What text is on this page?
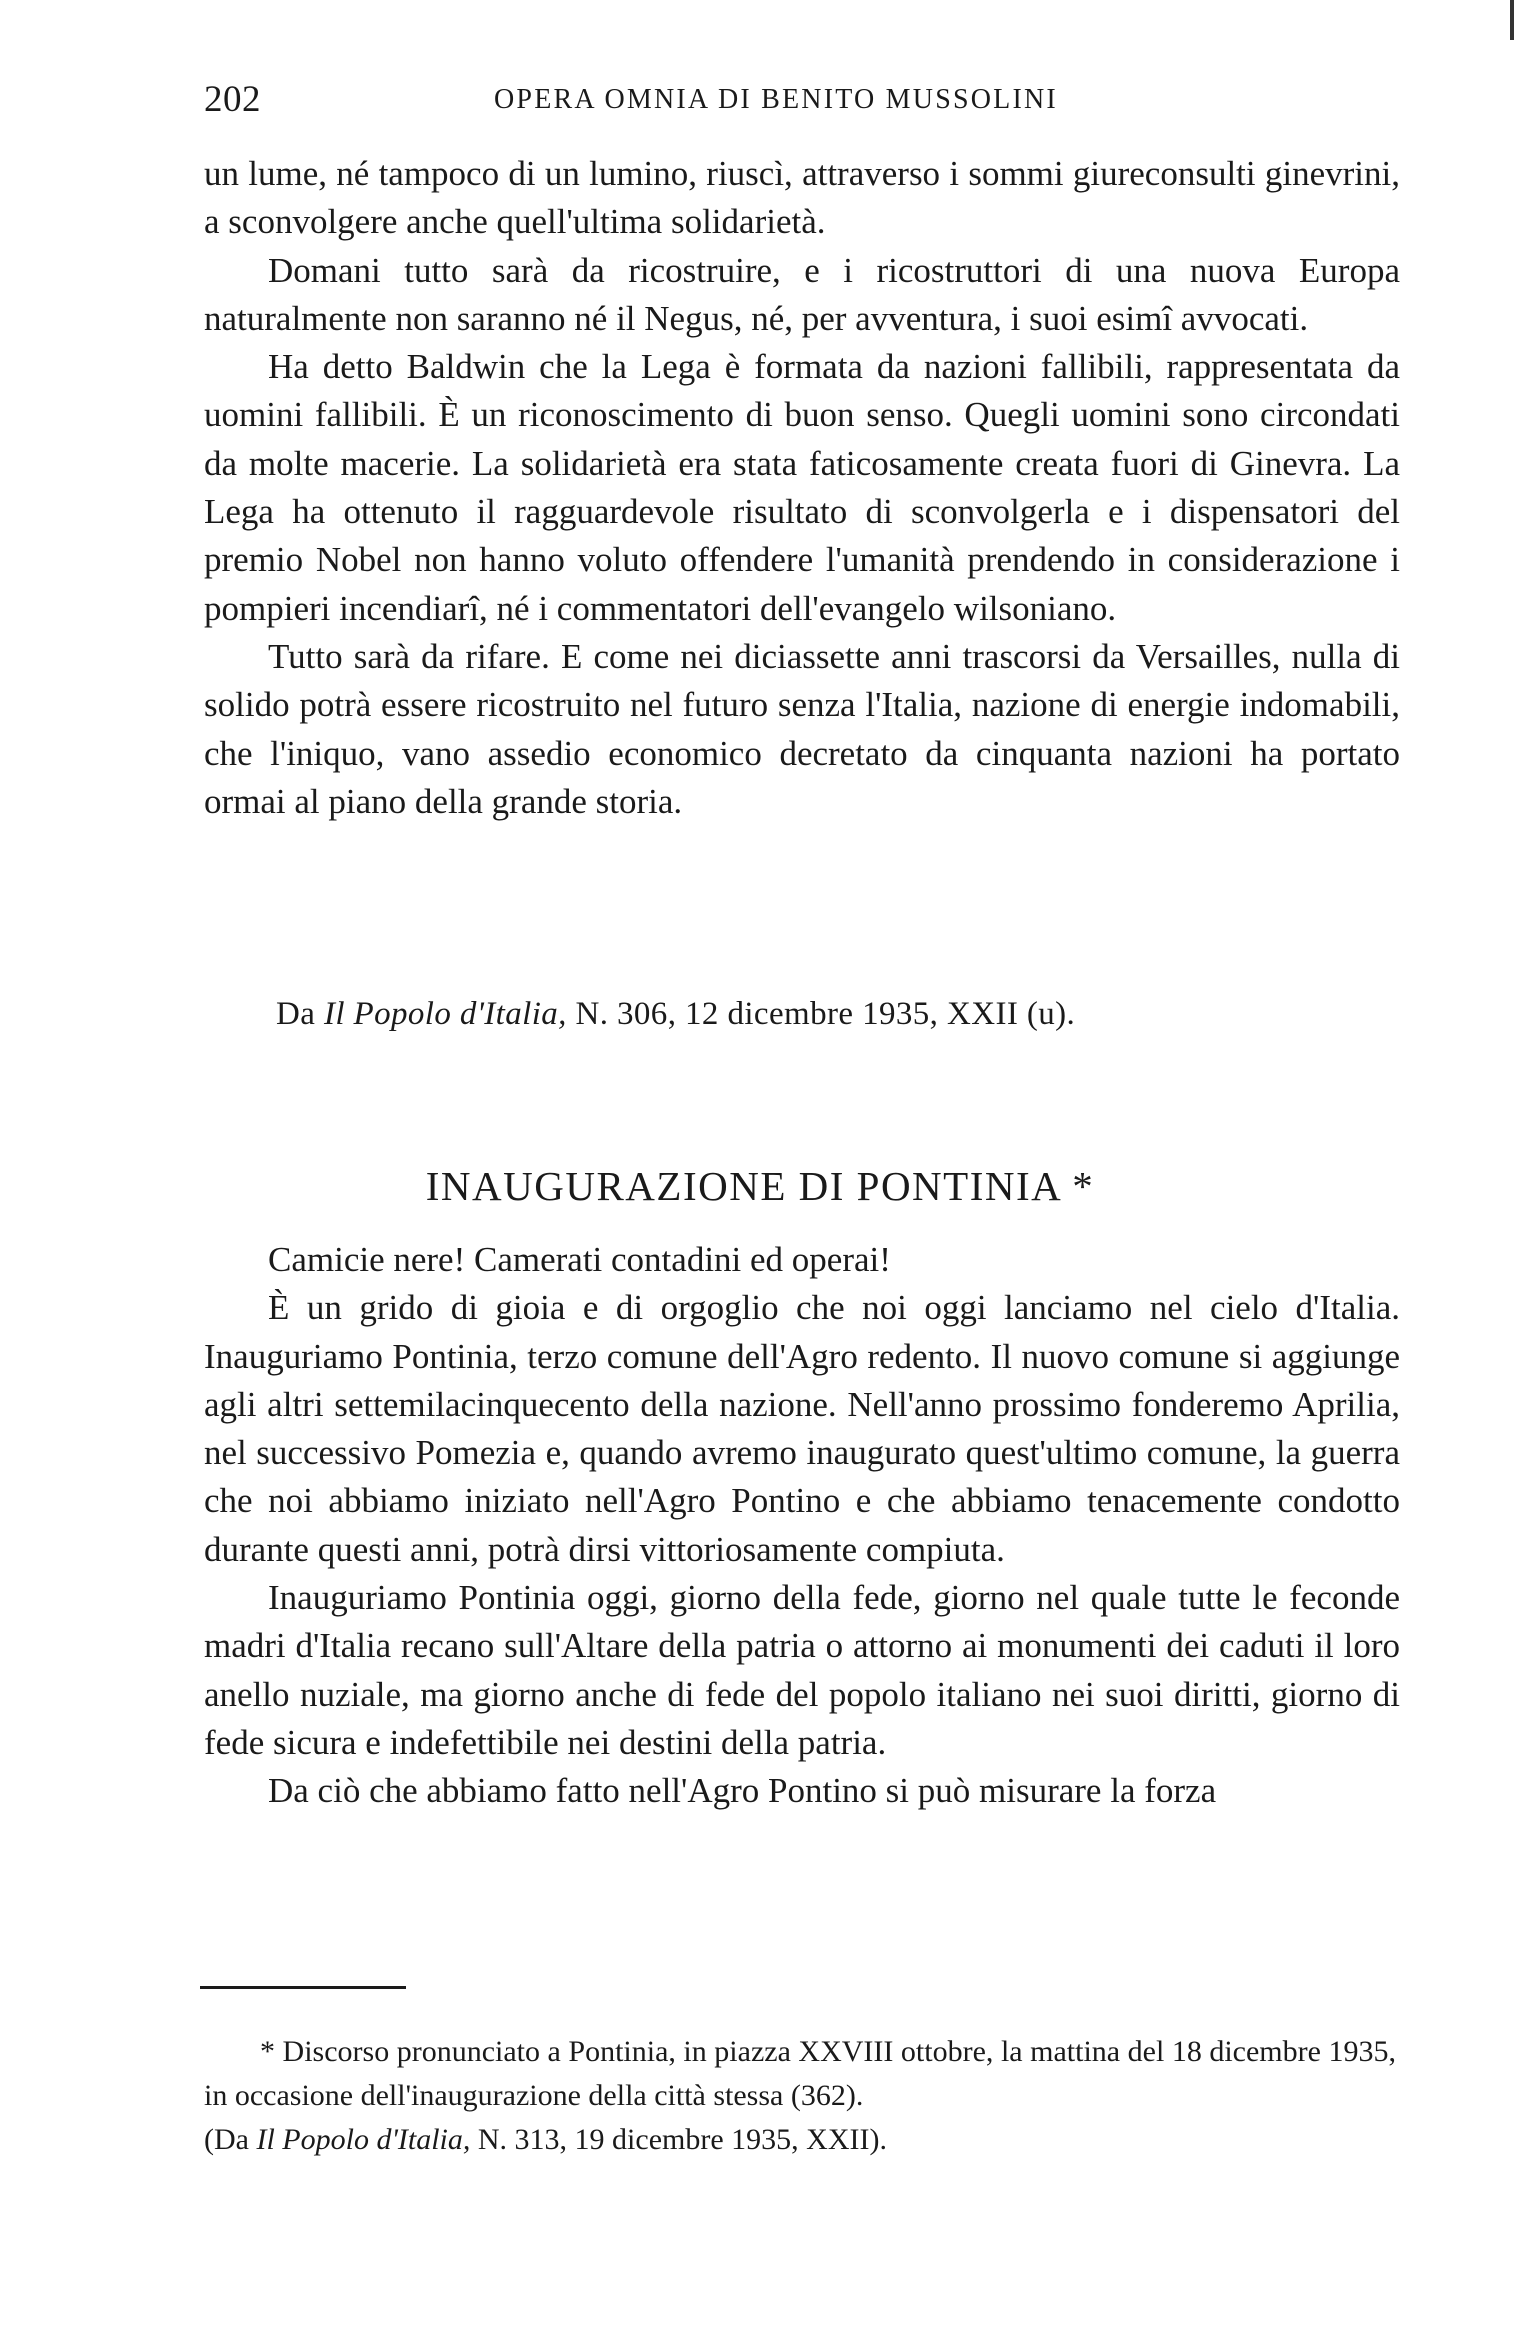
202	OPERA OMNIA DI BENITO MUSSOLINI

un lume, né tampoco di un lumino, riuscì, attraverso i sommi giureconsulti ginevrini, a sconvolgere anche quell'ultima solidarietà.

Domani tutto sarà da ricostruire, e i ricostruttori di una nuova Europa naturalmente non saranno né il Negus, né, per avventura, i suoi esimî avvocati.

Ha detto Baldwin che la Lega è formata da nazioni fallibili, rappresentata da uomini fallibili. È un riconoscimento di buon senso. Quegli uomini sono circondati da molte macerie. La solidarietà era stata faticosamente creata fuori di Ginevra. La Lega ha ottenuto il ragguardevole risultato di sconvolgerla e i dispensatori del premio Nobel non hanno voluto offendere l'umanità prendendo in considerazione i pompieri incendiarî, né i commentatori dell'evangelo wilsoniano.

Tutto sarà da rifare. E come nei diciassette anni trascorsi da Versailles, nulla di solido potrà essere ricostruito nel futuro senza l'Italia, nazione di energie indomabili, che l'iniquo, vano assedio economico decretato da cinquanta nazioni ha portato ormai al piano della grande storia.

Da Il Popolo d'Italia, N. 306, 12 dicembre 1935, XXII (u).
INAUGURAZIONE DI PONTINIA *

Camicie nere! Camerati contadini ed operai!

È un grido di gioia e di orgoglio che noi oggi lanciamo nel cielo d'Italia. Inauguriamo Pontinia, terzo comune dell'Agro redento. Il nuovo comune si aggiunge agli altri settemilacinquecento della nazione. Nell'anno prossimo fonderemo Aprilia, nel successivo Pomezia e, quando avremo inaugurato quest'ultimo comune, la guerra che noi abbiamo iniziato nell'Agro Pontino e che abbiamo tenacemente condotto durante questi anni, potrà dirsi vittoriosamente compiuta.

Inauguriamo Pontinia oggi, giorno della fede, giorno nel quale tutte le feconde madri d'Italia recano sull'Altare della patria o attorno ai monumenti dei caduti il loro anello nuziale, ma giorno anche di fede del popolo italiano nei suoi diritti, giorno di fede sicura e indefettibile nei destini della patria.

Da ciò che abbiamo fatto nell'Agro Pontino si può misurare la forza

* Discorso pronunciato a Pontinia, in piazza XXVIII ottobre, la mattina del 18 dicembre 1935, in occasione dell'inaugurazione della città stessa (362).

(Da Il Popolo d'Italia, N. 313, 19 dicembre 1935, XXII).
